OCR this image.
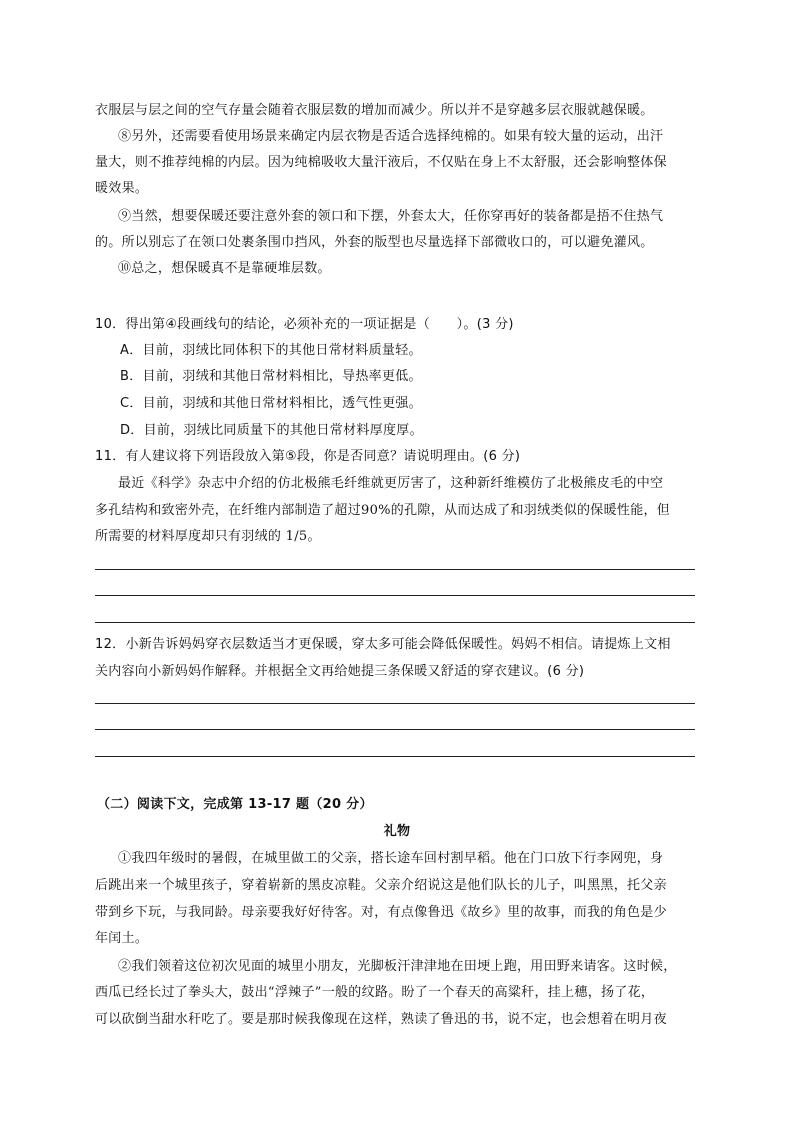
衣服层与层之间的空气存量会随着衣服层数的增加而减少。所以并不是穿越多层衣服就越保暖。
⑧另外，还需要看使用场景来确定内层衣物是否适合选择纯棉的。如果有较大量的运动，出汗
量大，则不推荐纯棉的内层。因为纯棉吸收大量汗液后，不仅贴在身上不太舒服，还会影响整体保
暖效果。
⑨当然，想要保暖还要注意外套的领口和下摆，外套太大，任你穿再好的装备都是捂不住热气
的。所以别忘了在领口处裹条围巾挡风，外套的版型也尽量选择下部微收口的，可以避免灌风。
⑩总之，想保暖真不是靠硬堆层数。
10．得出第④段画线句的结论，必须补充的一项证据是（　　）。(3 分)
A．目前，羽绒比同体积下的其他日常材料质量轻。
B．目前，羽绒和其他日常材料相比，导热率更低。
C．目前，羽绒和其他日常材料相比，透气性更强。
D．目前，羽绒比同质量下的其他日常材料厚度厚。
11．有人建议将下列语段放入第⑤段，你是否同意？请说明理由。(6 分)
最近《科学》杂志中介绍的仿北极熊毛纤维就更厉害了，这种新纤维模仿了北极熊皮毛的中空
多孔结构和致密外壳，在纤维内部制造了超过90%的孔隙，从而达成了和羽绒类似的保暖性能，但
所需要的材料厚度却只有羽绒的 1/5。
12．小新告诉妈妈穿衣层数适当才更保暖，穿太多可能会降低保暖性。妈妈不相信。请提炼上文相
关内容向小新妈妈作解释。并根据全文再给她提三条保暖又舒适的穿衣建议。(6 分)
（二）阅读下文，完成第 13-17 题（20 分）
礼物
①我四年级时的暑假，在城里做工的父亲，搭长途车回村割早稻。他在门口放下行李网兜，身
后跳出来一个城里孩子，穿着崭新的黑皮凉鞋。父亲介绍说这是他们队长的儿子，叫黑黑，托父亲
带到乡下玩，与我同龄。母亲要我好好待客。对，有点像鲁迅《故乡》里的故事，而我的角色是少
年闰土。
②我们领着这位初次见面的城里小朋友，光脚板汗津津地在田埂上跑，用田野来请客。这时候，
西瓜已经长过了拳头大，鼓出“浮辣子”一般的纹路。盼了一个春天的高粱秆，挂上穗，扬了花，
可以砍倒当甜水秆吃了。要是那时候我像现在这样，熟读了鲁迅的书，说不定，也会想着在明月夜
